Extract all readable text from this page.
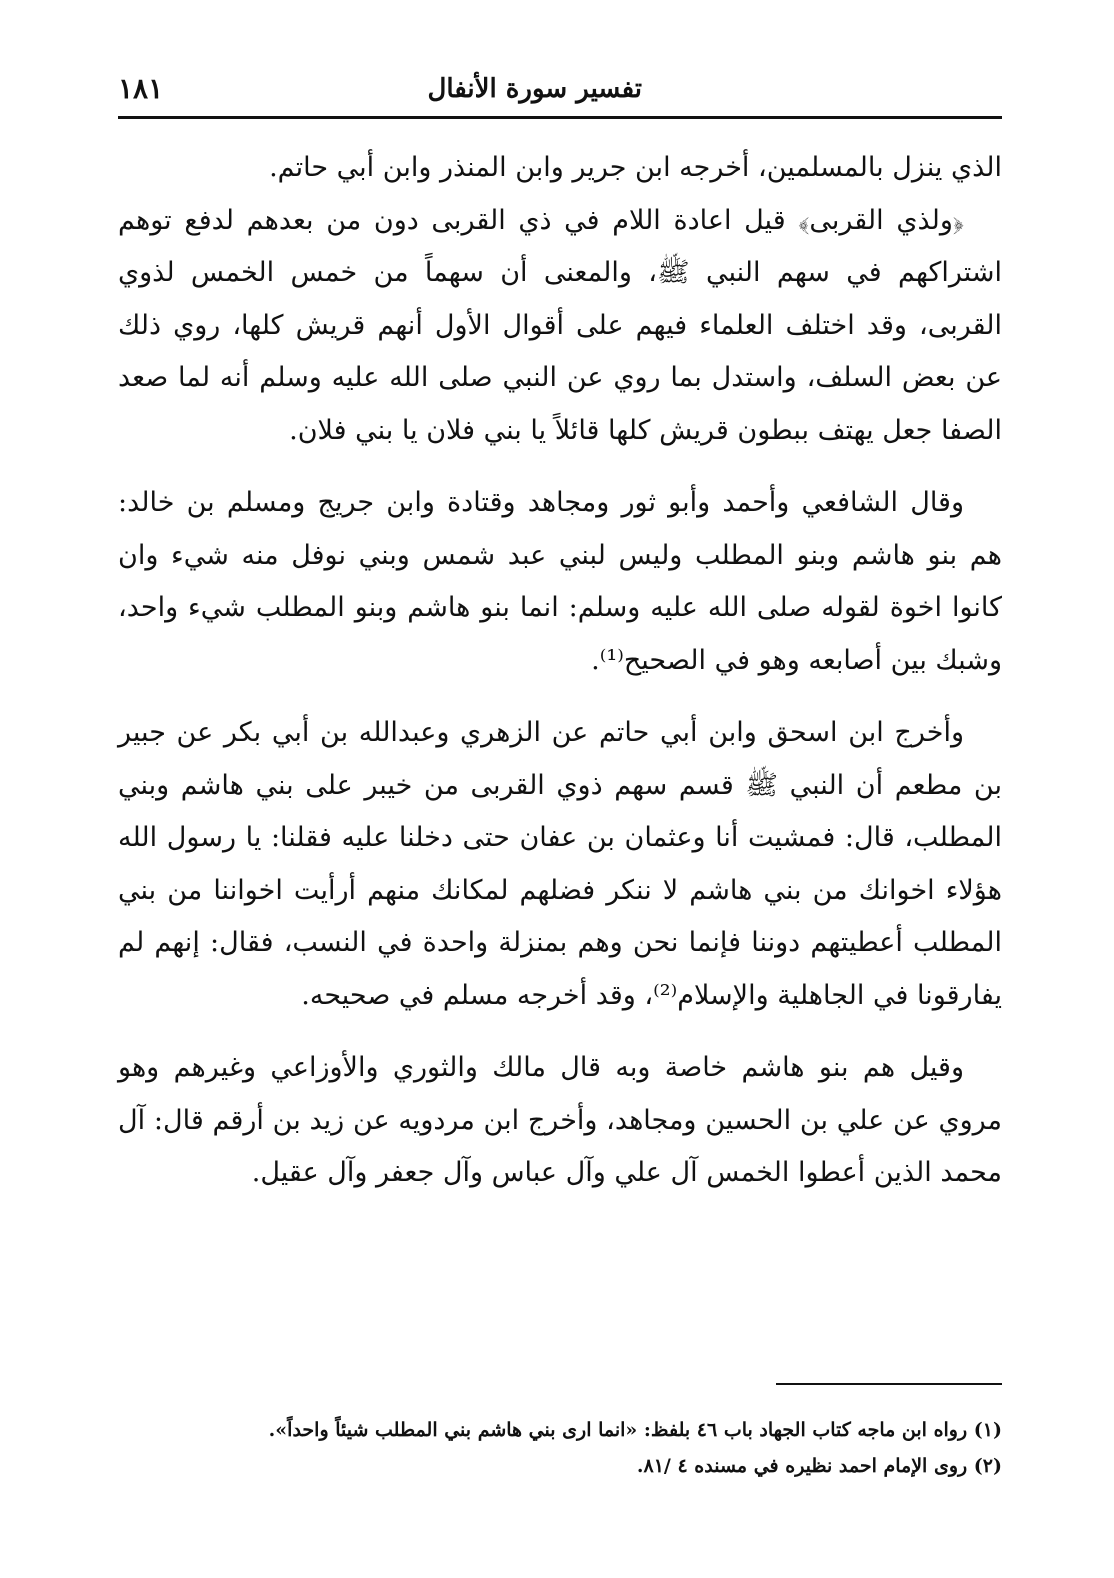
تفسير سورة الأنفال
١٨١

الذي ينزل بالمسلمين، أخرجه ابن جرير وابن المنذر وابن أبي حاتم.

﴿ولذي القربى﴾ قيل اعادة اللام في ذي القربى دون من بعدهم لدفع توهم اشتراكهم في سهم النبي ﷺ، والمعنى أن سهماً من خمس الخمس لذوي القربى، وقد اختلف العلماء فيهم على أقوال الأول أنهم قريش كلها، روي ذلك عن بعض السلف، واستدل بما روي عن النبي صلى الله عليه وسلم أنه لما صعد الصفا جعل يهتف ببطون قريش كلها قائلاً يا بني فلان يا بني فلان.

وقال الشافعي وأحمد وأبو ثور ومجاهد وقتادة وابن جريج ومسلم بن خالد: هم بنو هاشم وبنو المطلب وليس لبني عبد شمس وبني نوفل منه شيء وان كانوا اخوة لقوله صلى الله عليه وسلم: انما بنو هاشم وبنو المطلب شيء واحد، وشبك بين أصابعه وهو في الصحيح⁽¹⁾.

وأخرج ابن اسحق وابن أبي حاتم عن الزهري وعبدالله بن أبي بكر عن جبير بن مطعم أن النبي ﷺ قسم سهم ذوي القربى من خيبر على بني هاشم وبني المطلب، قال: فمشيت أنا وعثمان بن عفان حتى دخلنا عليه فقلنا: يا رسول الله هؤلاء اخوانك من بني هاشم لا ننكر فضلهم لمكانك منهم أرأيت اخواننا من بني المطلب أعطيتهم دوننا فإنما نحن وهم بمنزلة واحدة في النسب، فقال: إنهم لم يفارقونا في الجاهلية والإسلام⁽²⁾، وقد أخرجه مسلم في صحيحه.

وقيل هم بنو هاشم خاصة وبه قال مالك والثوري والأوزاعي وغيرهم وهو مروي عن علي بن الحسين ومجاهد، وأخرج ابن مردويه عن زيد بن أرقم قال: آل محمد الذين أعطوا الخمس آل علي وآل عباس وآل جعفر وآل عقيل.

(١) رواه ابن ماجه كتاب الجهاد باب ٤٦ بلفظ: «انما ارى بني هاشم بني المطلب شيئاً واحداً».

(٢) روى الإمام احمد نظيره في مسنده ٤ /٨١.
